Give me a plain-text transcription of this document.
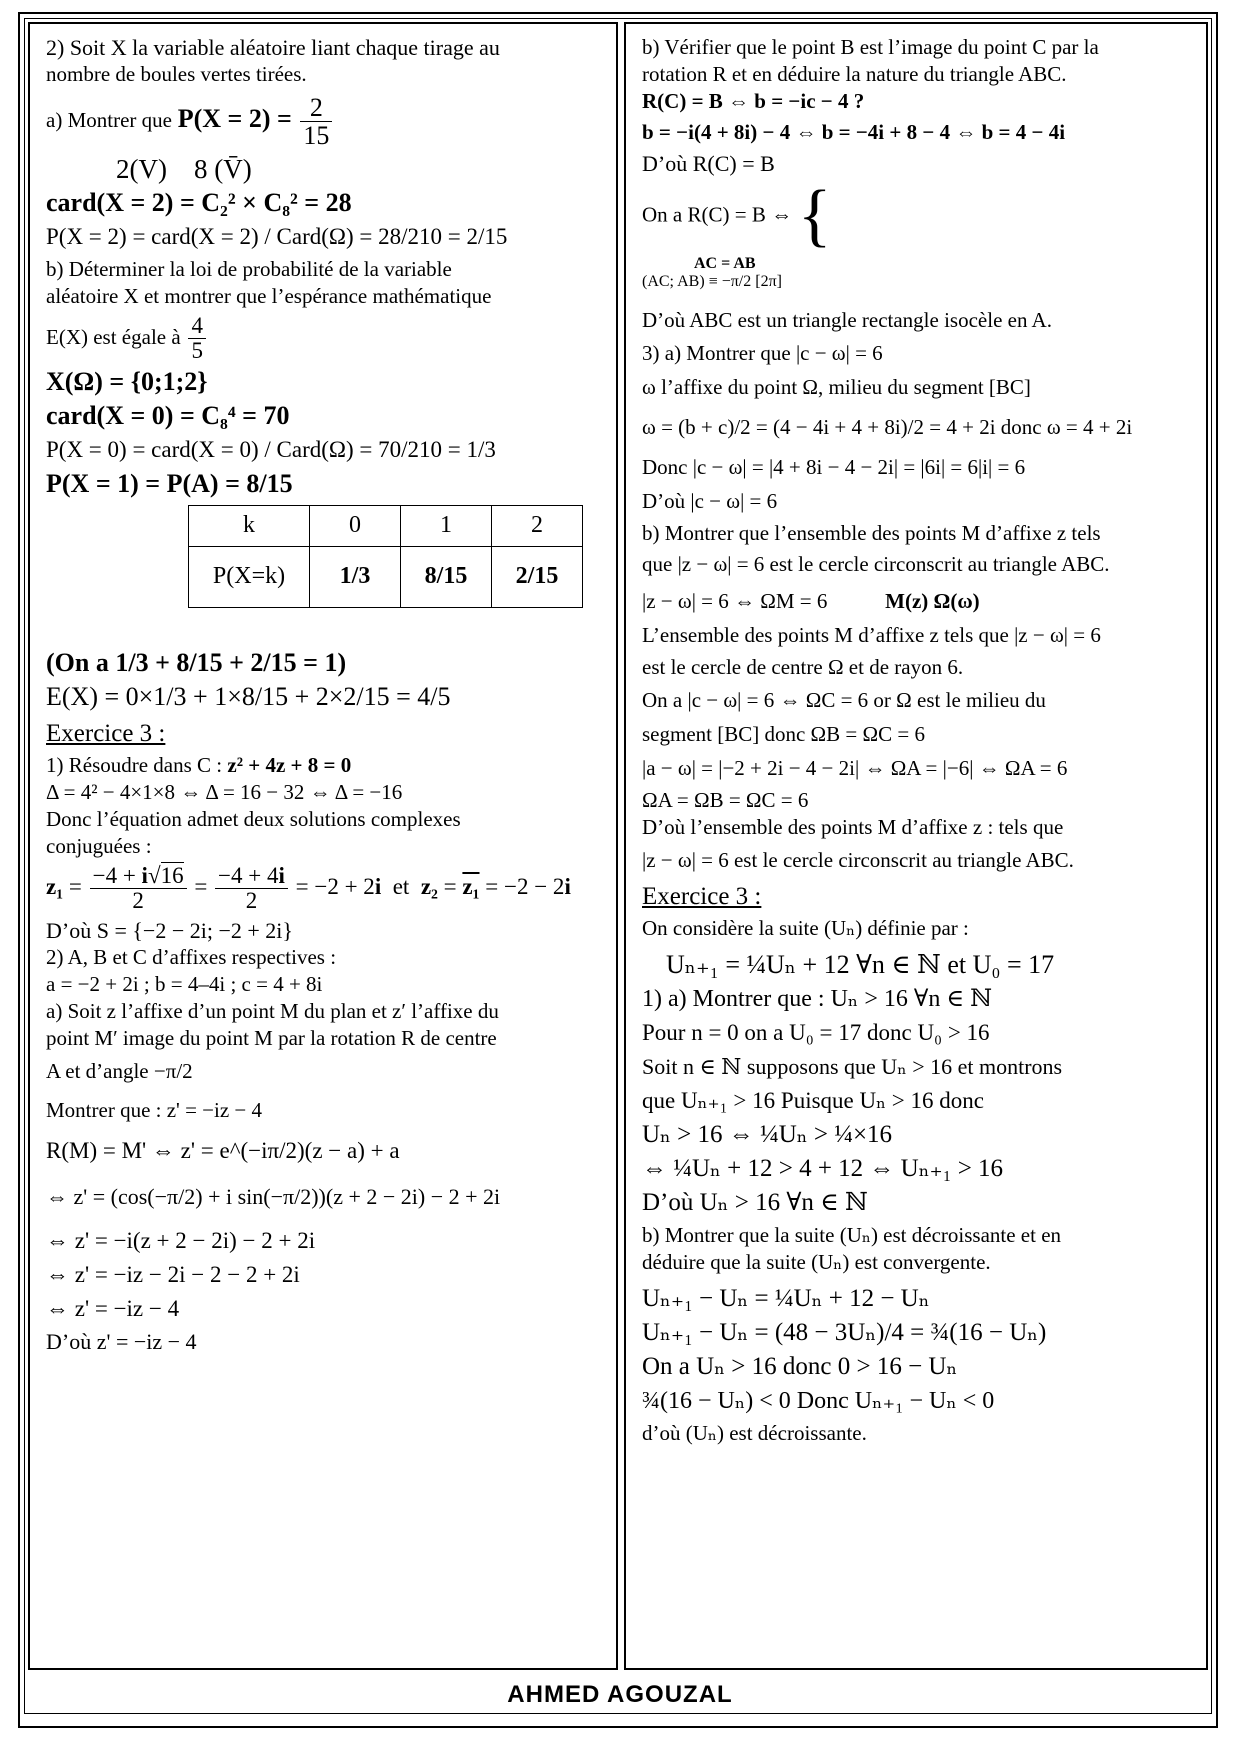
2) Soit X la variable aléatoire liant chaque tirage au

nombre de boules vertes tirées.

a) Montrer que $P(X = 2) = \frac{2}{15}$

2(V) 8 (V̄)

card(X = 2) = C₂² × C₈² = 28

P(X = 2) = card(X = 2) / Card(Ω) = 28/210 = 2/15

b) Déterminer la loi de probabilité de la variable

aléatoire X et montrer que l’espérance mathématique

E(X) est égale à $\frac{4}{5}$

X(Ω) = {0;1;2}

card(X = 0) = C₈⁴ = 70

P(X = 0) = card(X = 0) / Card(Ω) = 70/210 = 1/3

P(X = 1) = P(A) = 8/15

k	0	1	2
P(X=k)	1/3	8/15	2/15

(On a 1/3 + 8/15 + 2/15 = 1)

E(X) = 0×1/3 + 1×8/15 + 2×2/15 = 4/5

Exercice 3 :

1) Résoudre dans C : z² + 4z + 8 = 0

Δ = 4² − 4×1×8 ⇔ Δ = 16 − 32 ⇔ Δ = −16

Donc l’équation admet deux solutions complexes

conjuguées :

$z_1 = \frac{-4 + i√16}{2} = \frac{-4 + 4i}{2} = -2 + 2i$  et  z₂ = z₁ = −2 − 2i

D’où S = {−2 − 2i; −2 + 2i}

2) A, B et C d’affixes respectives :

a = −2 + 2i ; b = 4–4i ; c = 4 + 8i

a) Soit z l’affixe d’un point M du plan et z′ l’affixe du

point M′ image du point M par la rotation R de centre

A et d’angle −π/2

Montrer que : z' = −iz − 4

R(M) = M' ⇔ z' = e^(−iπ/2)(z − a) + a

⇔ z' = (cos(−π/2) + i sin(−π/2))(z + 2 − 2i) − 2 + 2i

⇔ z' = −i(z + 2 − 2i) − 2 + 2i

⇔ z' = −iz − 2i − 2 − 2 + 2i

⇔ z' = −iz − 4

D’où z' = −iz − 4

b) Vérifier que le point B est l’image du point C par la

rotation R et en déduire la nature du triangle ABC.

R(C) = B ⇔ b = −ic − 4 ?

b = −i(4 + 8i) − 4 ⇔ b = −4i + 8 − 4 ⇔ b = 4 − 4i

D’où R(C) = B

On a R(C) = B ⇔ {

AC = AB
(AC; AB) ≡ −π/2 [2π]

D’où ABC est un triangle rectangle isocèle en A.

3) a) Montrer que |c − ω| = 6

ω l’affixe du point Ω, milieu du segment [BC]

ω = (b + c)/2 = (4 − 4i + 4 + 8i)/2 = 4 + 2i donc ω = 4 + 2i

Donc |c − ω| = |4 + 8i − 4 − 2i| = |6i| = 6|i| = 6

D’où |c − ω| = 6

b) Montrer que l’ensemble des points M d’affixe z tels

que |z − ω| = 6 est le cercle circonscrit au triangle ABC.

|z − ω| = 6 ⇔ ΩM = 6	M(z) Ω(ω)

L’ensemble des points M d’affixe z tels que |z − ω| = 6

est le cercle de centre Ω et de rayon 6.

On a |c − ω| = 6 ⇔ ΩC = 6 or Ω est le milieu du

segment [BC] donc ΩB = ΩC = 6

|a − ω| = |−2 + 2i − 4 − 2i| ⇔ ΩA = |−6| ⇔ ΩA = 6

ΩA = ΩB = ΩC = 6

D’où l’ensemble des points M d’affixe z : tels que

|z − ω| = 6 est le cercle circonscrit au triangle ABC.

Exercice 3 :

On considère la suite (Uₙ) définie par :

Uₙ₊₁ = ¼Uₙ + 12 ∀n ∈ ℕ et U₀ = 17

1) a) Montrer que : Uₙ > 16 ∀n ∈ ℕ

Pour n = 0 on a U₀ = 17 donc U₀ > 16

Soit n ∈ ℕ supposons que Uₙ > 16 et montrons

que Uₙ₊₁ > 16 Puisque Uₙ > 16 donc

Uₙ > 16 ⇔ ¼Uₙ > ¼×16

⇔ ¼Uₙ + 12 > 4 + 12 ⇔ Uₙ₊₁ > 16

D’où Uₙ > 16 ∀n ∈ ℕ

b) Montrer que la suite (Uₙ) est décroissante et en

déduire que la suite (Uₙ) est convergente.

Uₙ₊₁ − Uₙ = ¼Uₙ + 12 − Uₙ

Uₙ₊₁ − Uₙ = (48 − 3Uₙ)/4 = ¾(16 − Uₙ)

On a Uₙ > 16 donc 0 > 16 − Uₙ

¾(16 − Uₙ) < 0 Donc Uₙ₊₁ − Uₙ < 0

d’où (Uₙ) est décroissante.

AHMED AGOUZAL
